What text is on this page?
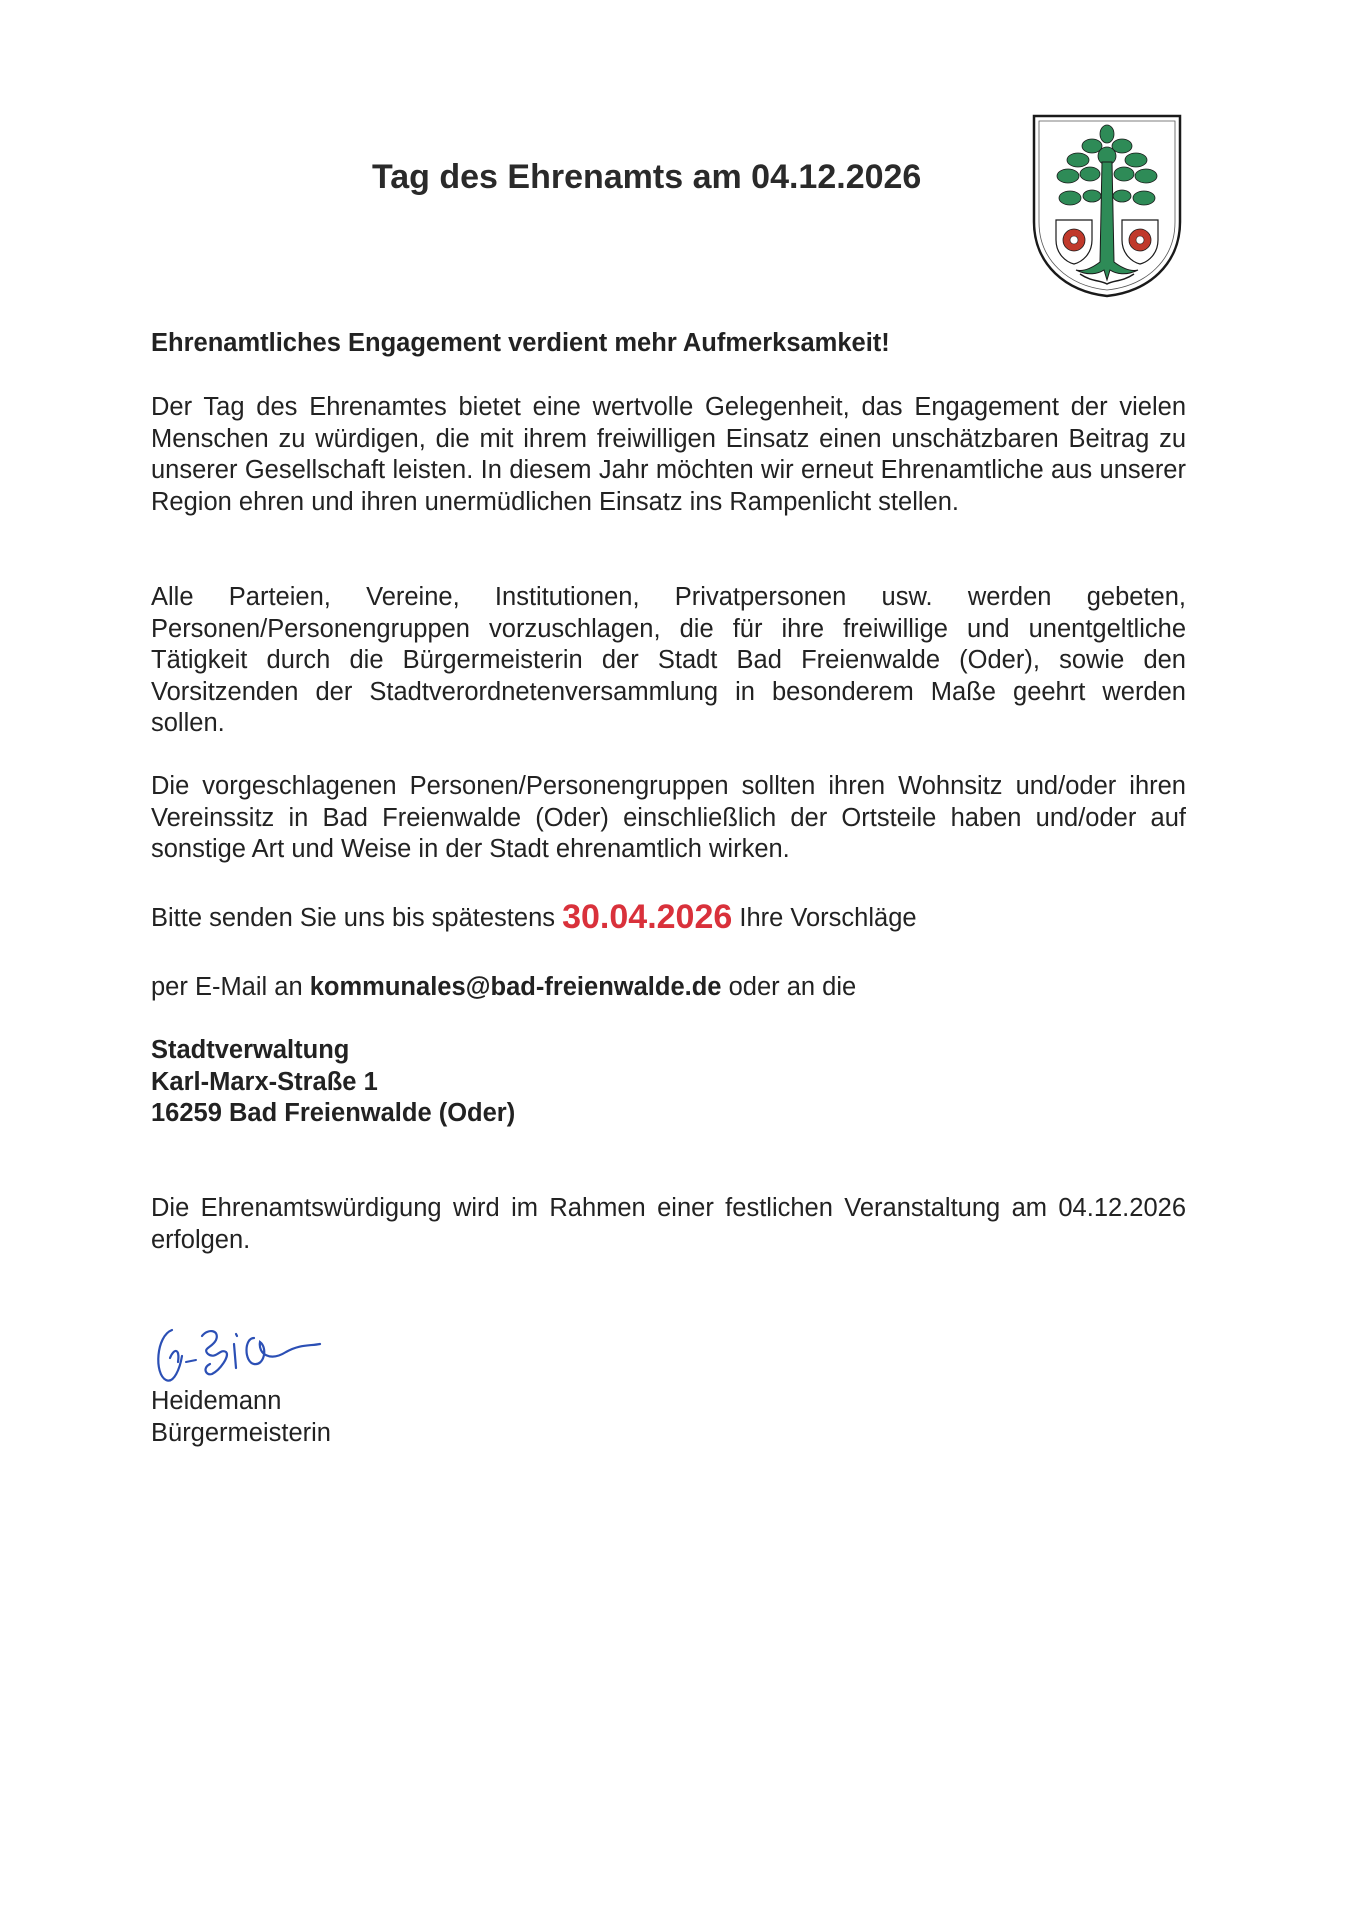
Tag des Ehrenamts am 04.12.2026
Ehrenamtliches Engagement verdient mehr Aufmerksamkeit!
Der Tag des Ehrenamtes bietet eine wertvolle Gelegenheit, das Engagement der vielen Menschen zu würdigen, die mit ihrem freiwilligen Einsatz einen unschätzbaren Beitrag zu unserer Gesellschaft leisten. In diesem Jahr möchten wir erneut Ehrenamtliche aus unserer Region ehren und ihren unermüdlichen Einsatz ins Rampenlicht stellen.
Alle Parteien, Vereine, Institutionen, Privatpersonen usw. werden gebeten, Personen/Personengruppen vorzuschlagen, die für ihre freiwillige und unentgeltliche Tätigkeit durch die Bürgermeisterin der Stadt Bad Freienwalde (Oder), sowie den Vorsitzenden der Stadtverordnetenversammlung in besonderem Maße geehrt werden sollen.
Die vorgeschlagenen Personen/Personengruppen sollten ihren Wohnsitz und/oder ihren Vereinssitz in Bad Freienwalde (Oder) einschließlich der Ortsteile haben und/oder auf sonstige Art und Weise in der Stadt ehrenamtlich wirken.
Bitte senden Sie uns bis spätestens 30.04.2026 Ihre Vorschläge
per E-Mail an kommunales@bad-freienwalde.de oder an die
Stadtverwaltung
Karl-Marx-Straße 1
16259 Bad Freienwalde (Oder)
Die Ehrenamtswürdigung wird im Rahmen einer festlichen Veranstaltung am 04.12.2026 erfolgen.
Heidemann
Bürgermeisterin
